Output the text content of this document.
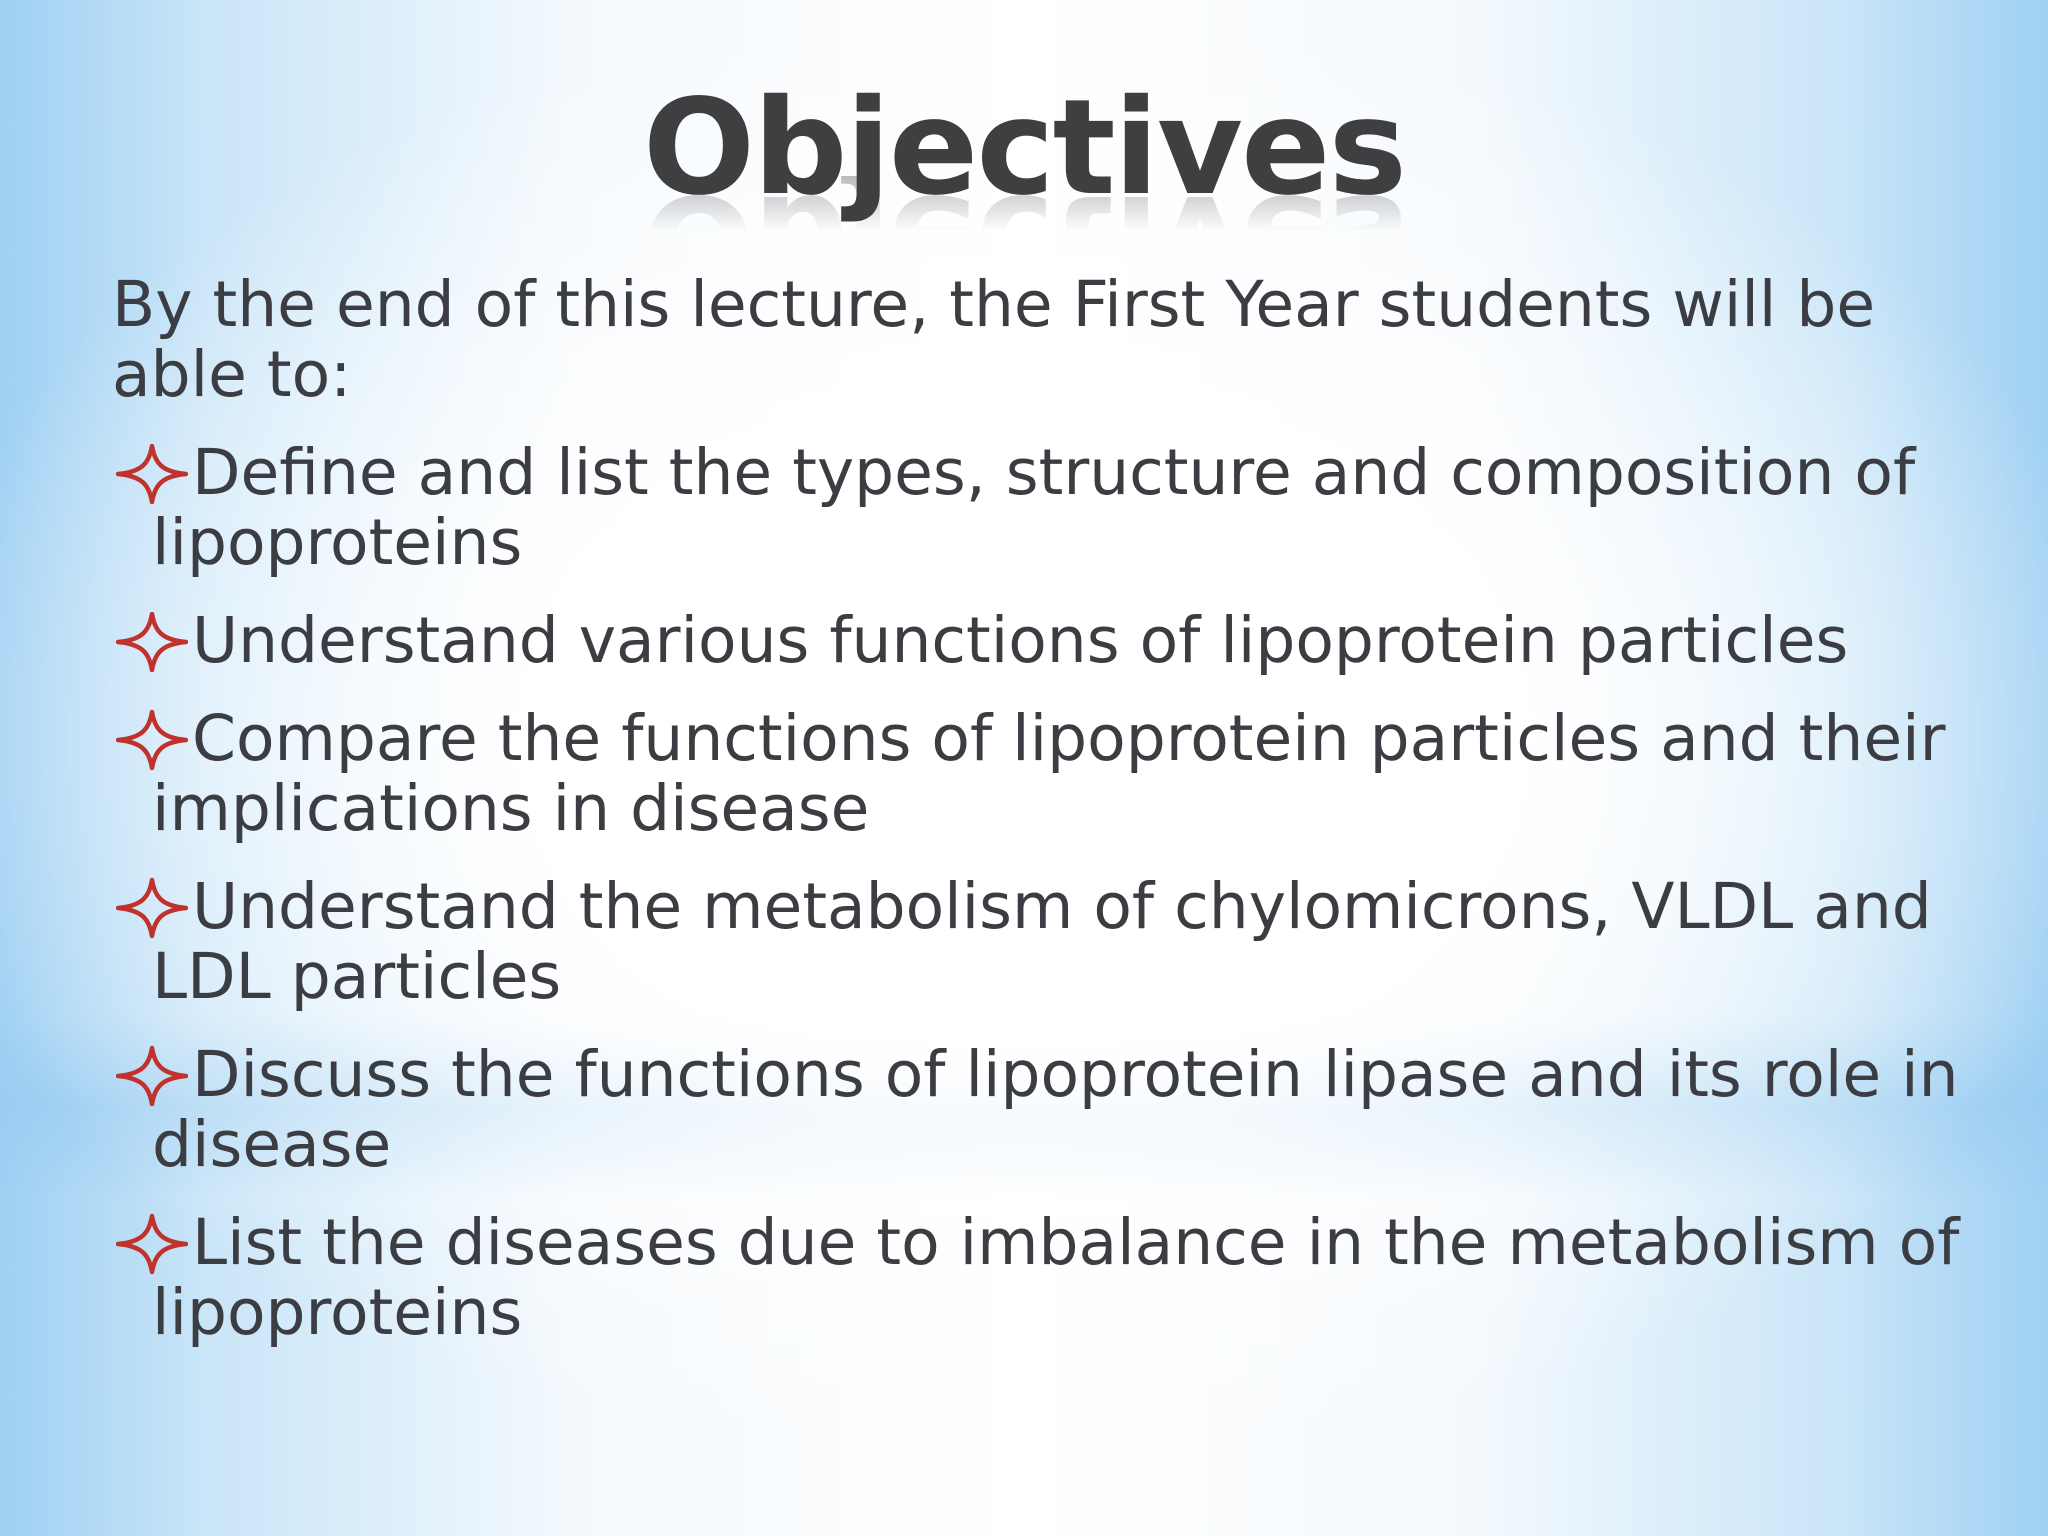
Objectives
By the end of this lecture, the First Year students will be able to:
Define and list the types, structure and composition of lipoproteins
Understand various functions of lipoprotein particles
Compare the functions of lipoprotein particles and their implications in disease
Understand the metabolism of chylomicrons, VLDL and LDL particles
Discuss the functions of lipoprotein lipase and its role in disease
List the diseases due to imbalance in the metabolism of lipoproteins
